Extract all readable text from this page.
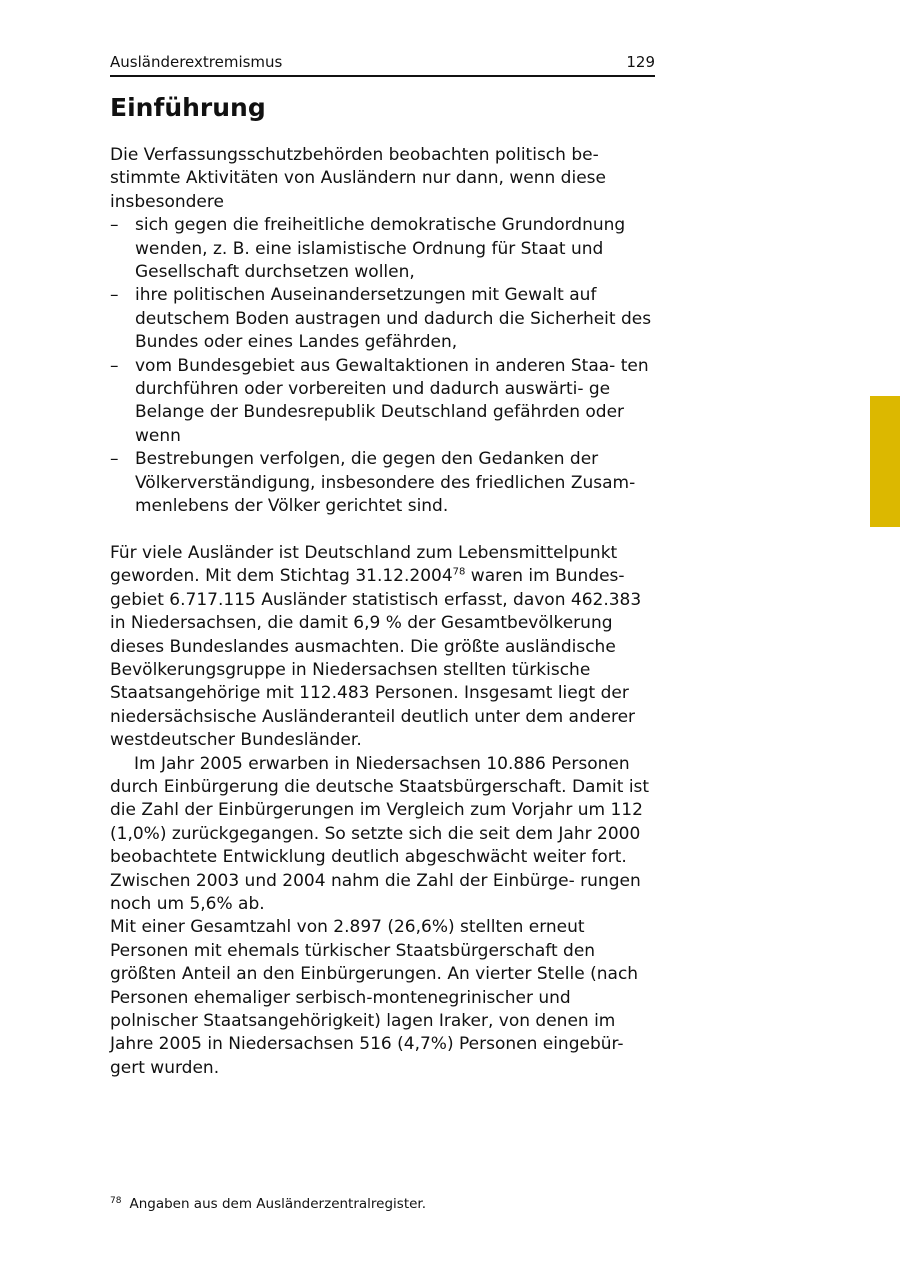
Ausländerextremismus	129
Einführung

Die Verfassungsschutzbehörden beobachten politisch be- stimmte Aktivitäten von Ausländern nur dann, wenn diese insbesondere

– sich gegen die freiheitliche demokratische Grundordnung wenden, z. B. eine islamistische Ordnung für Staat und Gesellschaft durchsetzen wollen,
– ihre politischen Auseinandersetzungen mit Gewalt auf deutschem Boden austragen und dadurch die Sicherheit des Bundes oder eines Landes gefährden,
– vom Bundesgebiet aus Gewaltaktionen in anderen Staa- ten durchführen oder vorbereiten und dadurch auswärti- ge Belange der Bundesrepublik Deutschland gefährden oder wenn
– Bestrebungen verfolgen, die gegen den Gedanken der Völkerverständigung, insbesondere des friedlichen Zusam- menlebens der Völker gerichtet sind.

Für viele Ausländer ist Deutschland zum Lebensmittelpunkt geworden. Mit dem Stichtag 31.12.2004$^{78}$ waren im Bundes- gebiet 6.717.115 Ausländer statistisch erfasst, davon 462.383 in Niedersachsen, die damit 6,9 % der Gesamtbevölkerung dieses Bundeslandes ausmachten. Die größte ausländische Bevölkerungsgruppe in Niedersachsen stellten türkische Staatsangehörige mit 112.483 Personen. Insgesamt liegt der niedersächsische Ausländeranteil deutlich unter dem anderer westdeutscher Bundesländer.

Im Jahr 2005 erwarben in Niedersachsen 10.886 Personen durch Einbürgerung die deutsche Staatsbürgerschaft. Damit ist die Zahl der Einbürgerungen im Vergleich zum Vorjahr um 112 (1,0%) zurückgegangen. So setzte sich die seit dem Jahr 2000 beobachtete Entwicklung deutlich abgeschwächt weiter fort. Zwischen 2003 und 2004 nahm die Zahl der Einbürge- rungen noch um 5,6% ab.

Mit einer Gesamtzahl von 2.897 (26,6%) stellten erneut Personen mit ehemals türkischer Staatsbürgerschaft den größten Anteil an den Einbürgerungen. An vierter Stelle (nach Personen ehemaliger serbisch-montenegrinischer und polnischer Staatsangehörigkeit) lagen Iraker, von denen im Jahre 2005 in Niedersachsen 516 (4,7%) Personen eingebür- gert wurden.

$^{78}$ Angaben aus dem Ausländerzentralregister.
